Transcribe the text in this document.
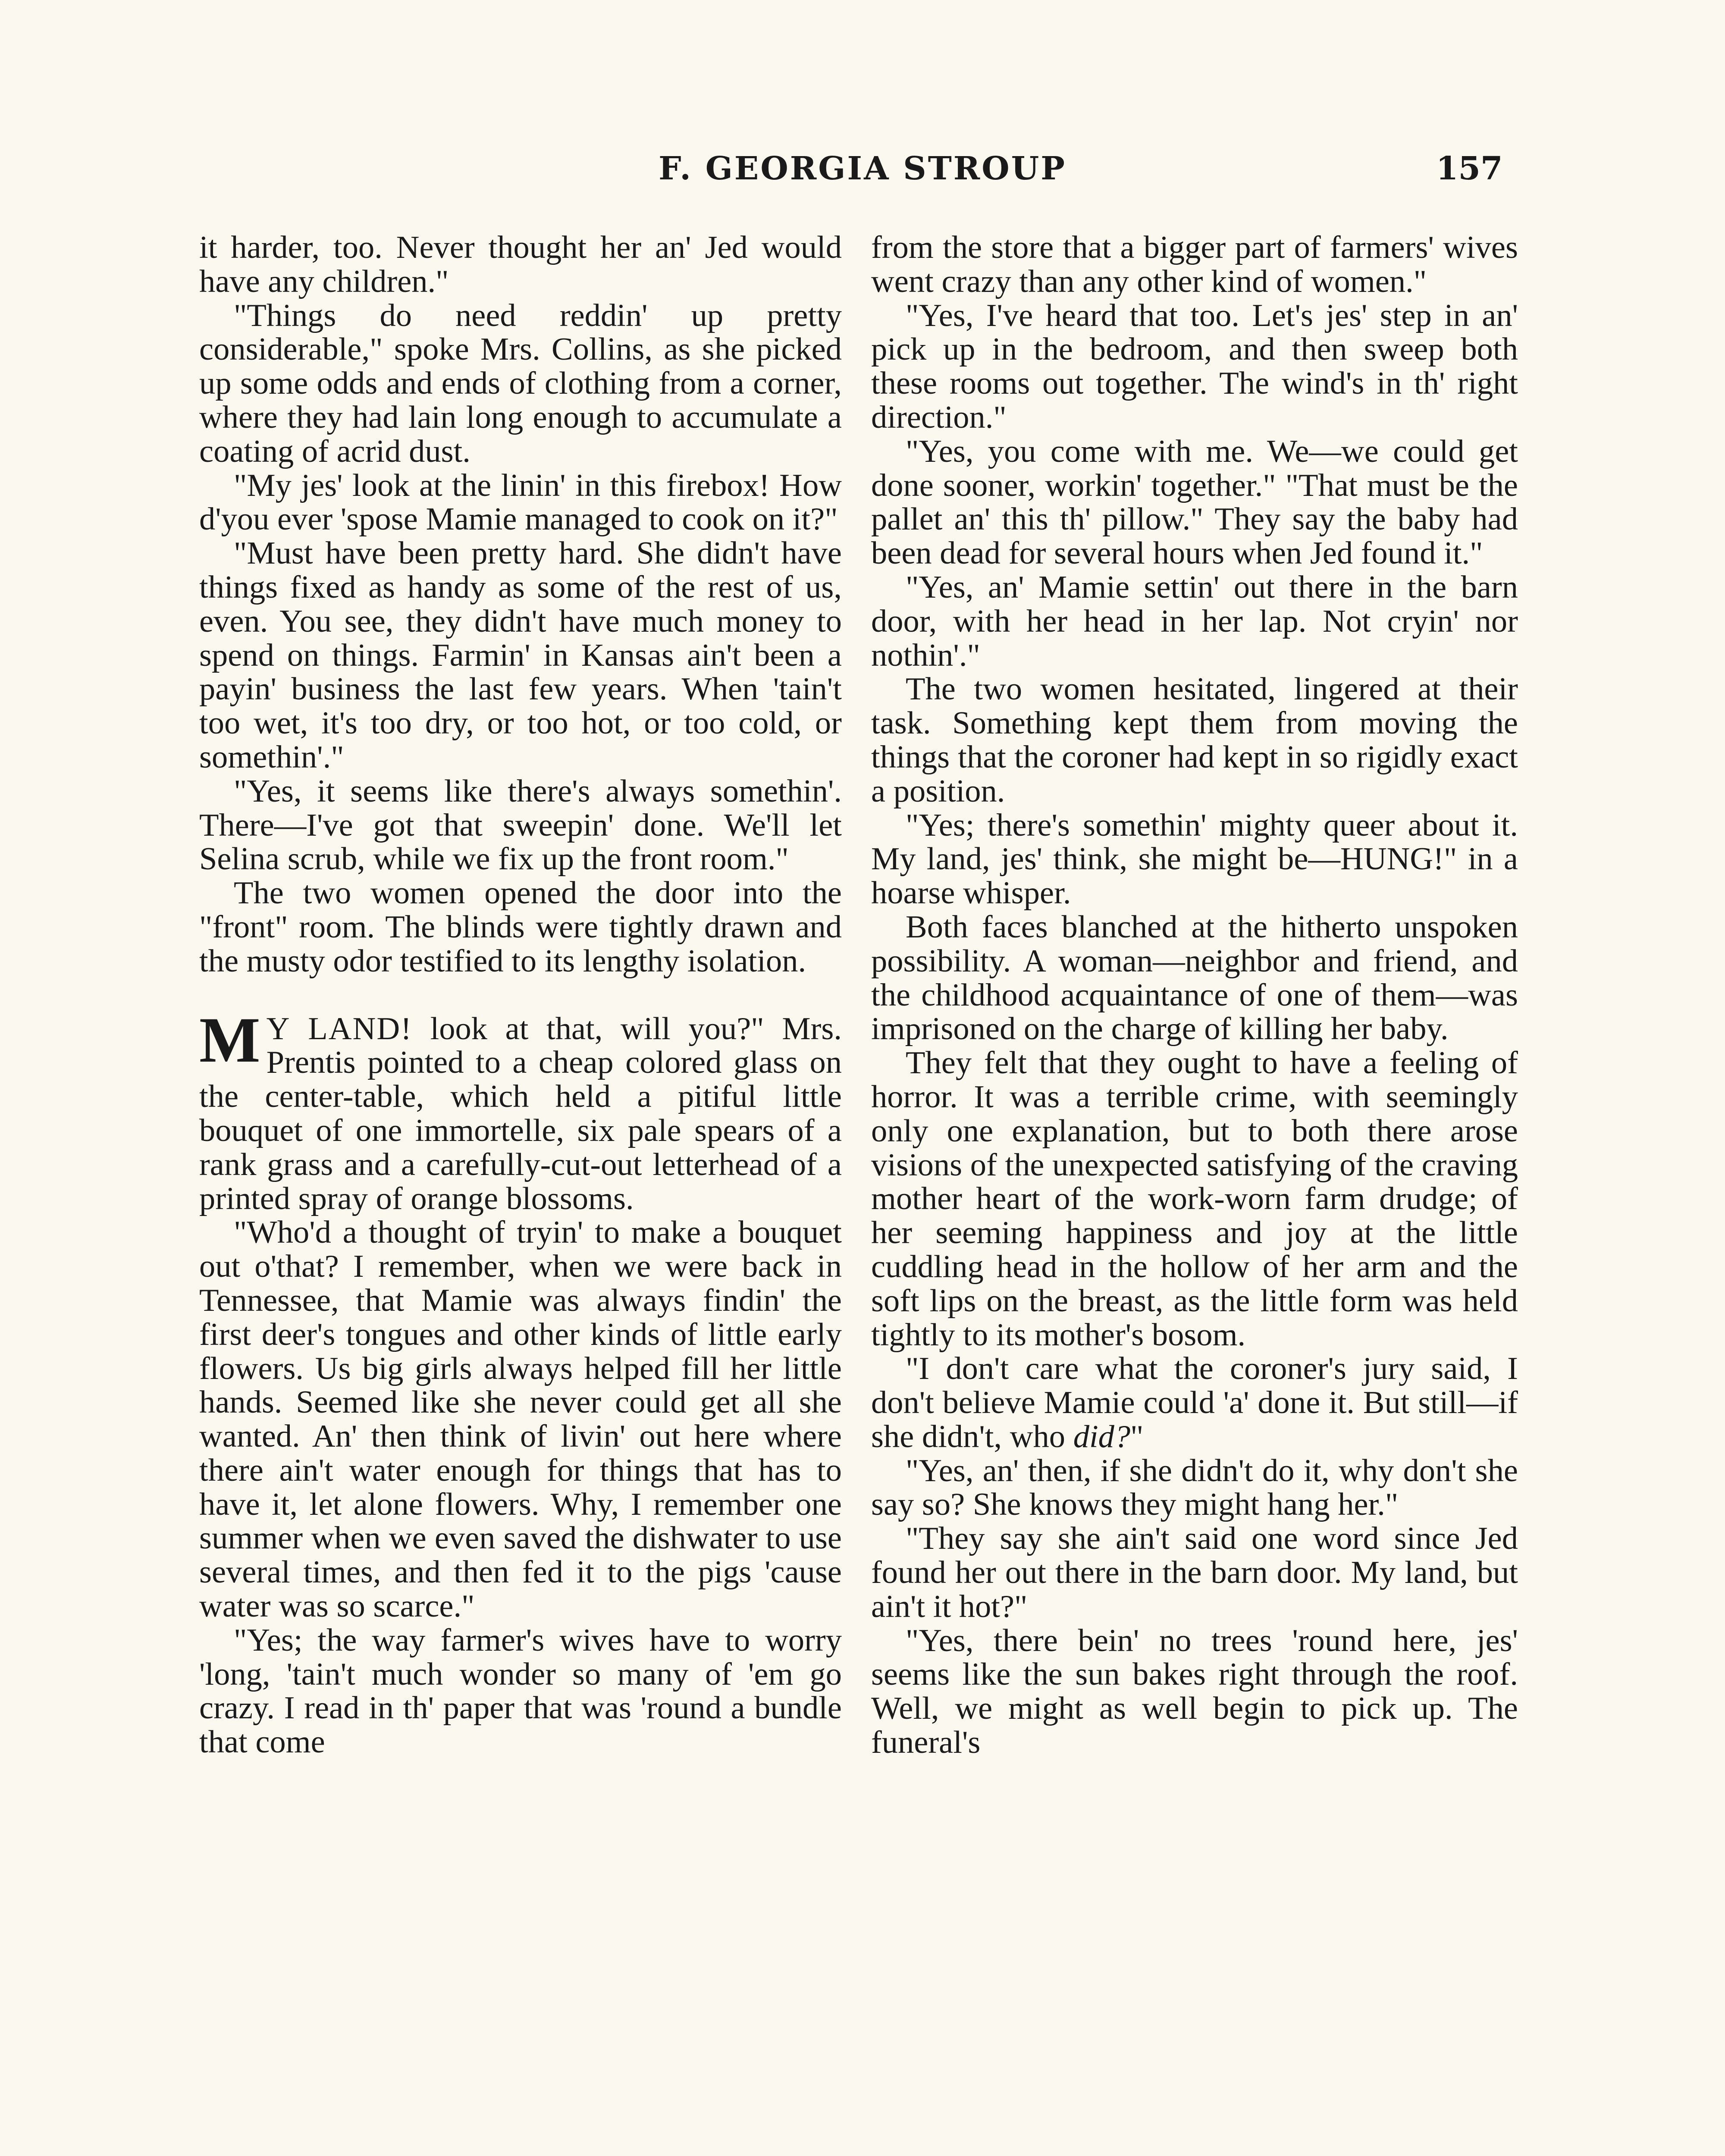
F. GEORGIA STROUP	157

it harder, too. Never thought her an' Jed would have any children."

"Things do need reddin' up pretty considerable," spoke Mrs. Collins, as she picked up some odds and ends of clothing from a corner, where they had lain long enough to accumulate a coating of acrid dust.

"My jes' look at the linin' in this firebox! How d'you ever 'spose Mamie managed to cook on it?"

"Must have been pretty hard. She didn't have things fixed as handy as some of the rest of us, even. You see, they didn't have much money to spend on things. Farmin' in Kansas ain't been a payin' business the last few years. When 'tain't too wet, it's too dry, or too hot, or too cold, or somethin'."

"Yes, it seems like there's always somethin'. There—I've got that sweepin' done. We'll let Selina scrub, while we fix up the front room."

The two women opened the door into the "front" room. The blinds were tightly drawn and the musty odor testified to its lengthy isolation.

MY LAND! look at that, will you?" Mrs. Prentis pointed to a cheap colored glass on the center-table, which held a pitiful little bouquet of one immortelle, six pale spears of a rank grass and a carefully-cut-out letterhead of a printed spray of orange blossoms.

"Who'd a thought of tryin' to make a bouquet out o'that? I remember, when we were back in Tennessee, that Mamie was always findin' the first deer's tongues and other kinds of little early flowers. Us big girls always helped fill her little hands. Seemed like she never could get all she wanted. An' then think of livin' out here where there ain't water enough for things that has to have it, let alone flowers. Why, I remember one summer when we even saved the dishwater to use several times, and then fed it to the pigs 'cause water was so scarce."

"Yes; the way farmer's wives have to worry 'long, 'tain't much wonder so many of 'em go crazy. I read in th' paper that was 'round a bundle that come

from the store that a bigger part of farmers' wives went crazy than any other kind of women."

"Yes, I've heard that too. Let's jes' step in an' pick up in the bedroom, and then sweep both these rooms out together. The wind's in th' right direction."

"Yes, you come with me. We—we could get done sooner, workin' together." "That must be the pallet an' this th' pillow." They say the baby had been dead for several hours when Jed found it."

"Yes, an' Mamie settin' out there in the barn door, with her head in her lap. Not cryin' nor nothin'."

The two women hesitated, lingered at their task. Something kept them from moving the things that the coroner had kept in so rigidly exact a position.

"Yes; there's somethin' mighty queer about it. My land, jes' think, she might be—HUNG!" in a hoarse whisper.

Both faces blanched at the hitherto unspoken possibility. A woman—neighbor and friend, and the childhood acquaintance of one of them—was imprisoned on the charge of killing her baby.

They felt that they ought to have a feeling of horror. It was a terrible crime, with seemingly only one explanation, but to both there arose visions of the unexpected satisfying of the craving mother heart of the work-worn farm drudge; of her seeming happiness and joy at the little cuddling head in the hollow of her arm and the soft lips on the breast, as the little form was held tightly to its mother's bosom.

"I don't care what the coroner's jury said, I don't believe Mamie could 'a' done it. But still—if she didn't, who did?"

"Yes, an' then, if she didn't do it, why don't she say so? She knows they might hang her."

"They say she ain't said one word since Jed found her out there in the barn door. My land, but ain't it hot?"

"Yes, there bein' no trees 'round here, jes' seems like the sun bakes right through the roof. Well, we might as well begin to pick up. The funeral's
